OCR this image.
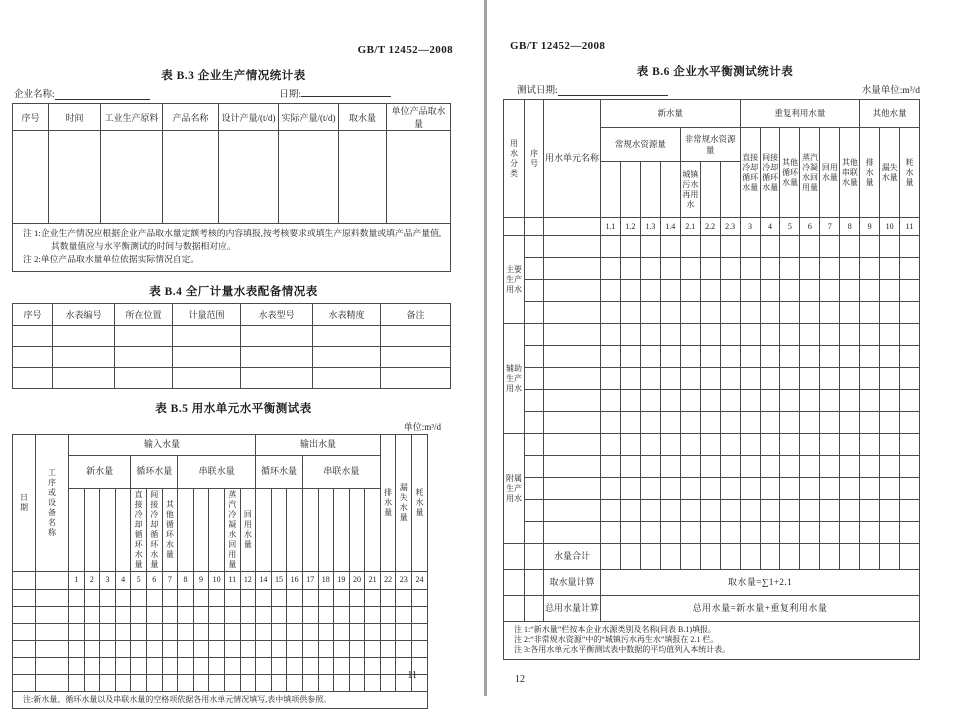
GB/T 12452—2008
表 B.3 企业生产情况统计表
企业名称:	日期:
序号	时间	工业生产原料	产品名称	设计产量/(t/d)	实际产量/(t/d)	取水量	单位产品取水量

注 1:企业生产情况应根据企业产品取水量定额考核的内容填报,按考核要求或填生产原料数量或填产品产量值,其数量值应与水平衡测试的时间与数据相对应。
注 2:单位产品取水量单位依据实际情况自定。							
表 B.4 全厂计量水表配备情况表
序号	水表编号	所在位置	计量范围	水表型号	水表精度	备注

表 B.5 用水单元水平衡测试表
单位:m³/d
日期	工序或设备名称	输入水量												输出水量								排水量	漏失水量	耗水量
		新水量				循环水量			串联水量					循环水量			串联水量							
						直接冷却循环水量	间接冷却循环水量	其他循环水量				蒸汽冷凝水回用量	回用水量											
		1	2	3	4	5	6	7	8	9	10	11	12	14	15	16	17	18	19	20	21	22	23	24

注:新水量、循环水量以及串联水量的空格项依据各用水单元情况填写,表中填项供参照。																								
11
GB/T 12452—2008
表 B.6 企业水平衡测试统计表
测试日期:	水量单位:m³/d
用水分类	序号	用水单元名称	新水量							重复利用水量						其他水量		
			常规水资源量				非常规水资源量			直接冷却循环水量	间接冷却循环水量	其他循环水量	蒸汽冷凝水回用量	回用水量	其他串联水量	排水量	漏失水量	耗水量
							城镇污水再用水											
			1.1	1.2	1.3	1.4	2.1	2.2	2.3	3	4	5	6	7	8	9	10	11
主要生产用水																		

辅助生产用水																		

附属生产用水																		

		水量合计																
		取水量计算	取水量=∑1+2.1															
		总用水量计算	总用水量=新水量+重复利用水量															

注 1:“新水量”栏按本企业水源类别及名称(同表 B.1)填报。
注 2:“非常规水资源”中的“城镇污水再生水”填报在 2.1 栏。
注 3:各用水单元水平衡测试表中数据的平均值列入本统计表。																		
12
